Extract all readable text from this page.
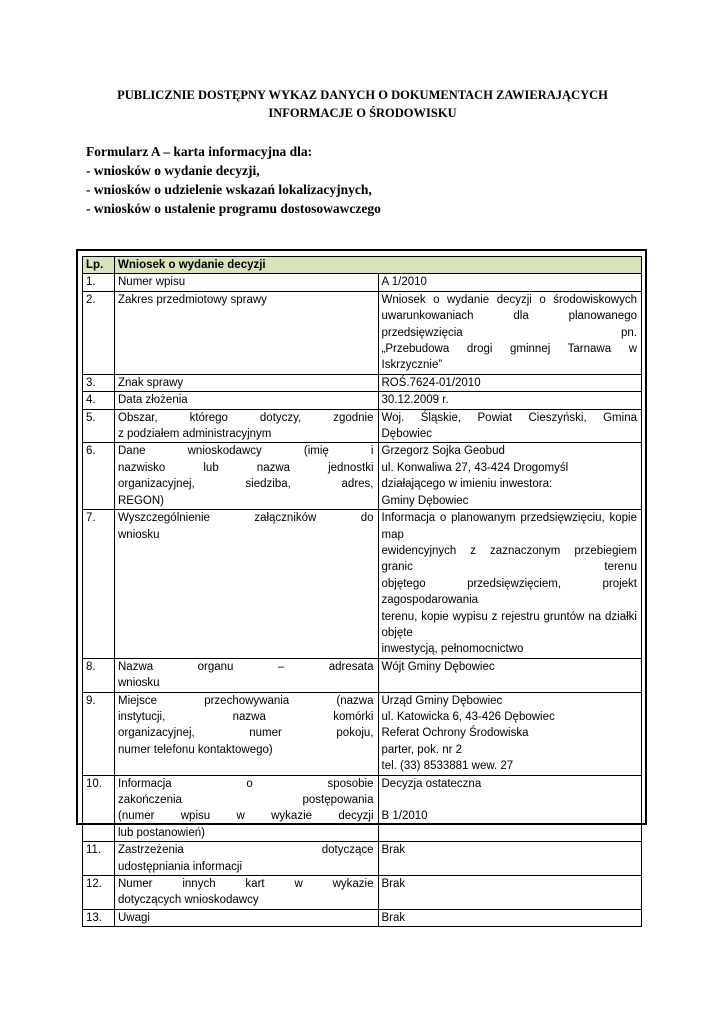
PUBLICZNIE DOSTĘPNY WYKAZ DANYCH O DOKUMENTACH ZAWIERAJĄCYCH
INFORMACJE O ŚRODOWISKU
Formularz A – karta informacyjna dla:
- wniosków o wydanie decyzji,
- wniosków o udzielenie wskazań lokalizacyjnych,
- wniosków o ustalenie programu dostosowawczego
Lp.	Wniosek o wydanie decyzji	
1.	Numer wpisu	A 1/2010

2.	Zakres przedmiotowy sprawy	Wniosek o wydanie decyzji o środowiskowych
uwarunkowaniach dla planowanego przedsięwzięcia pn.
„Przebudowa drogi gminnej Tarnawa w Iskrzycznie”

3.	Znak sprawy	ROŚ.7624-01/2010

4.	Data złożenia	30.12.2009 r.

5.	Obszar, którego dotyczy, zgodnie
z podziałem administracyjnym	Woj. Śląskie, Powiat Cieszyński, Gmina Dębowiec

6.	Dane wnioskodawcy (imię i
nazwisko lub nazwa jednostki
organizacyjnej, siedziba, adres,
REGON)	Grzegorz Sojka Geobud
ul. Konwaliwa 27, 43-424 Drogomyśl
działającego w imieniu inwestora:
Gminy Dębowiec

7.	Wyszczególnienie załączników do
wniosku	Informacja o planowanym przedsięwzięciu, kopie map
ewidencyjnych z zaznaczonym przebiegiem granic terenu
objętego przedsięwzięciem, projekt zagospodarowania
terenu, kopie wypisu z rejestru gruntów na działki objęte
inwestycją, pełnomocnictwo

8.	Nazwa organu – adresata
wniosku	Wójt Gminy Dębowiec

9.	Miejsce przechowywania (nazwa
instytucji, nazwa komórki
organizacyjnej, numer pokoju,
numer telefonu kontaktowego)	Urząd Gminy Dębowiec
ul. Katowicka 6, 43-426 Dębowiec
Referat Ochrony Środowiska
parter, pok. nr 2
tel. (33) 8533881 wew. 27

10.	Informacja o sposobie
zakończenia postępowania
(numer wpisu w wykazie decyzji
lub postanowień)	Decyzja ostateczna
B 1/2010

11.	Zastrzeżenia dotyczące
udostępniania informacji	Brak

12.	Numer innych kart w wykazie
dotyczących wnioskodawcy	Brak

13.	Uwagi	Brak
